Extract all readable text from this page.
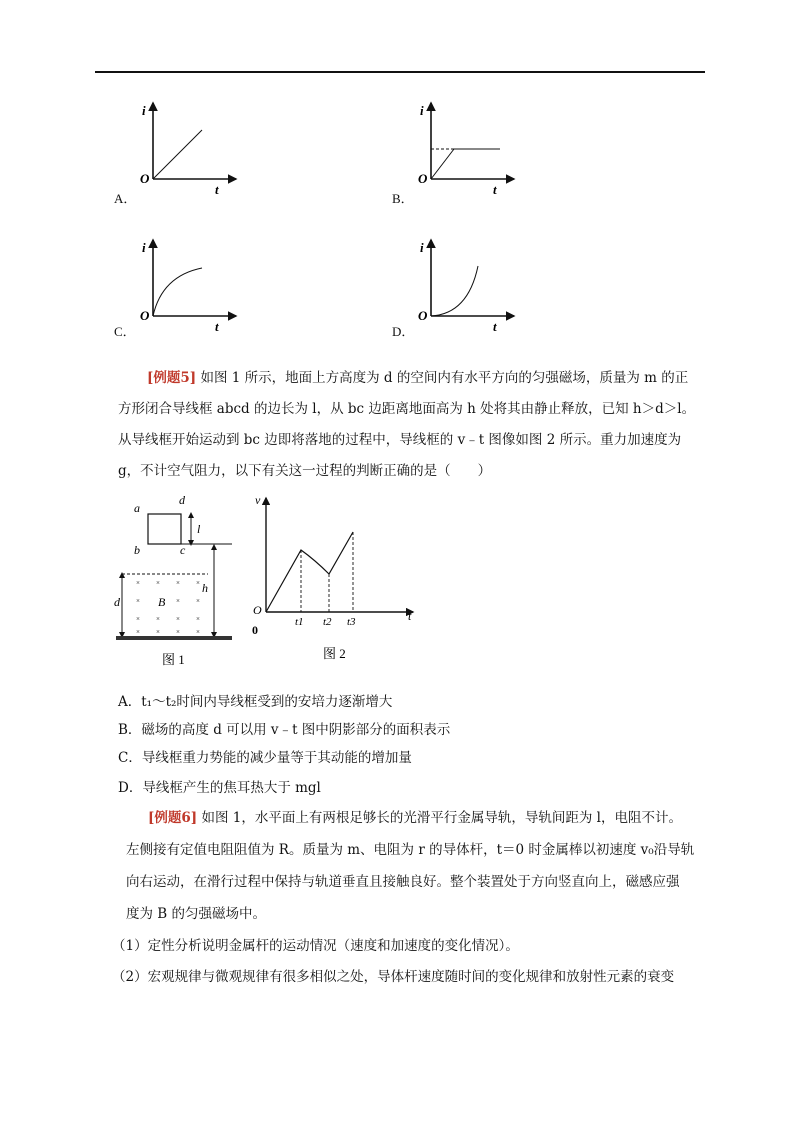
i
t
O
A．
i
t
O
B．
i
t
O
C．
i
t
O
D．
[例题5] 如图 1 所示，地面上方高度为 d 的空间内有水平方向的匀强磁场，质量为 m 的正
方形闭合导线框 abcd 的边长为 l，从 bc 边距离地面高为 h 处将其由静止释放，已知 h＞d＞l。
从导线框开始运动到 bc 边即将落地的过程中，导线框的 v﹣t 图像如图 2 所示。重力加速度为
g，不计空气阻力，以下有关这一过程的判断正确的是（　　）
a
d
b	c
l
h
d	B
× × × ×
×	× ×
× × × ×
× × × ×
图 1
v
t
O
0
t1 t2 t3
图 2
A．t₁～t₂时间内导线框受到的安培力逐渐增大
B．磁场的高度 d 可以用 v﹣t 图中阴影部分的面积表示
C．导线框重力势能的减少量等于其动能的增加量
D．导线框产生的焦耳热大于 mgl
[例题6] 如图 1，水平面上有两根足够长的光滑平行金属导轨，导轨间距为 l，电阻不计。
左侧接有定值电阻阻值为 R。质量为 m、电阻为 r 的导体杆，t＝0 时金属棒以初速度 v₀沿导轨
向右运动，在滑行过程中保持与轨道垂直且接触良好。整个装置处于方向竖直向上，磁感应强
度为 B 的匀强磁场中。
（1）定性分析说明金属杆的运动情况（速度和加速度的变化情况）。
（2）宏观规律与微观规律有很多相似之处，导体杆速度随时间的变化规律和放射性元素的衰变
